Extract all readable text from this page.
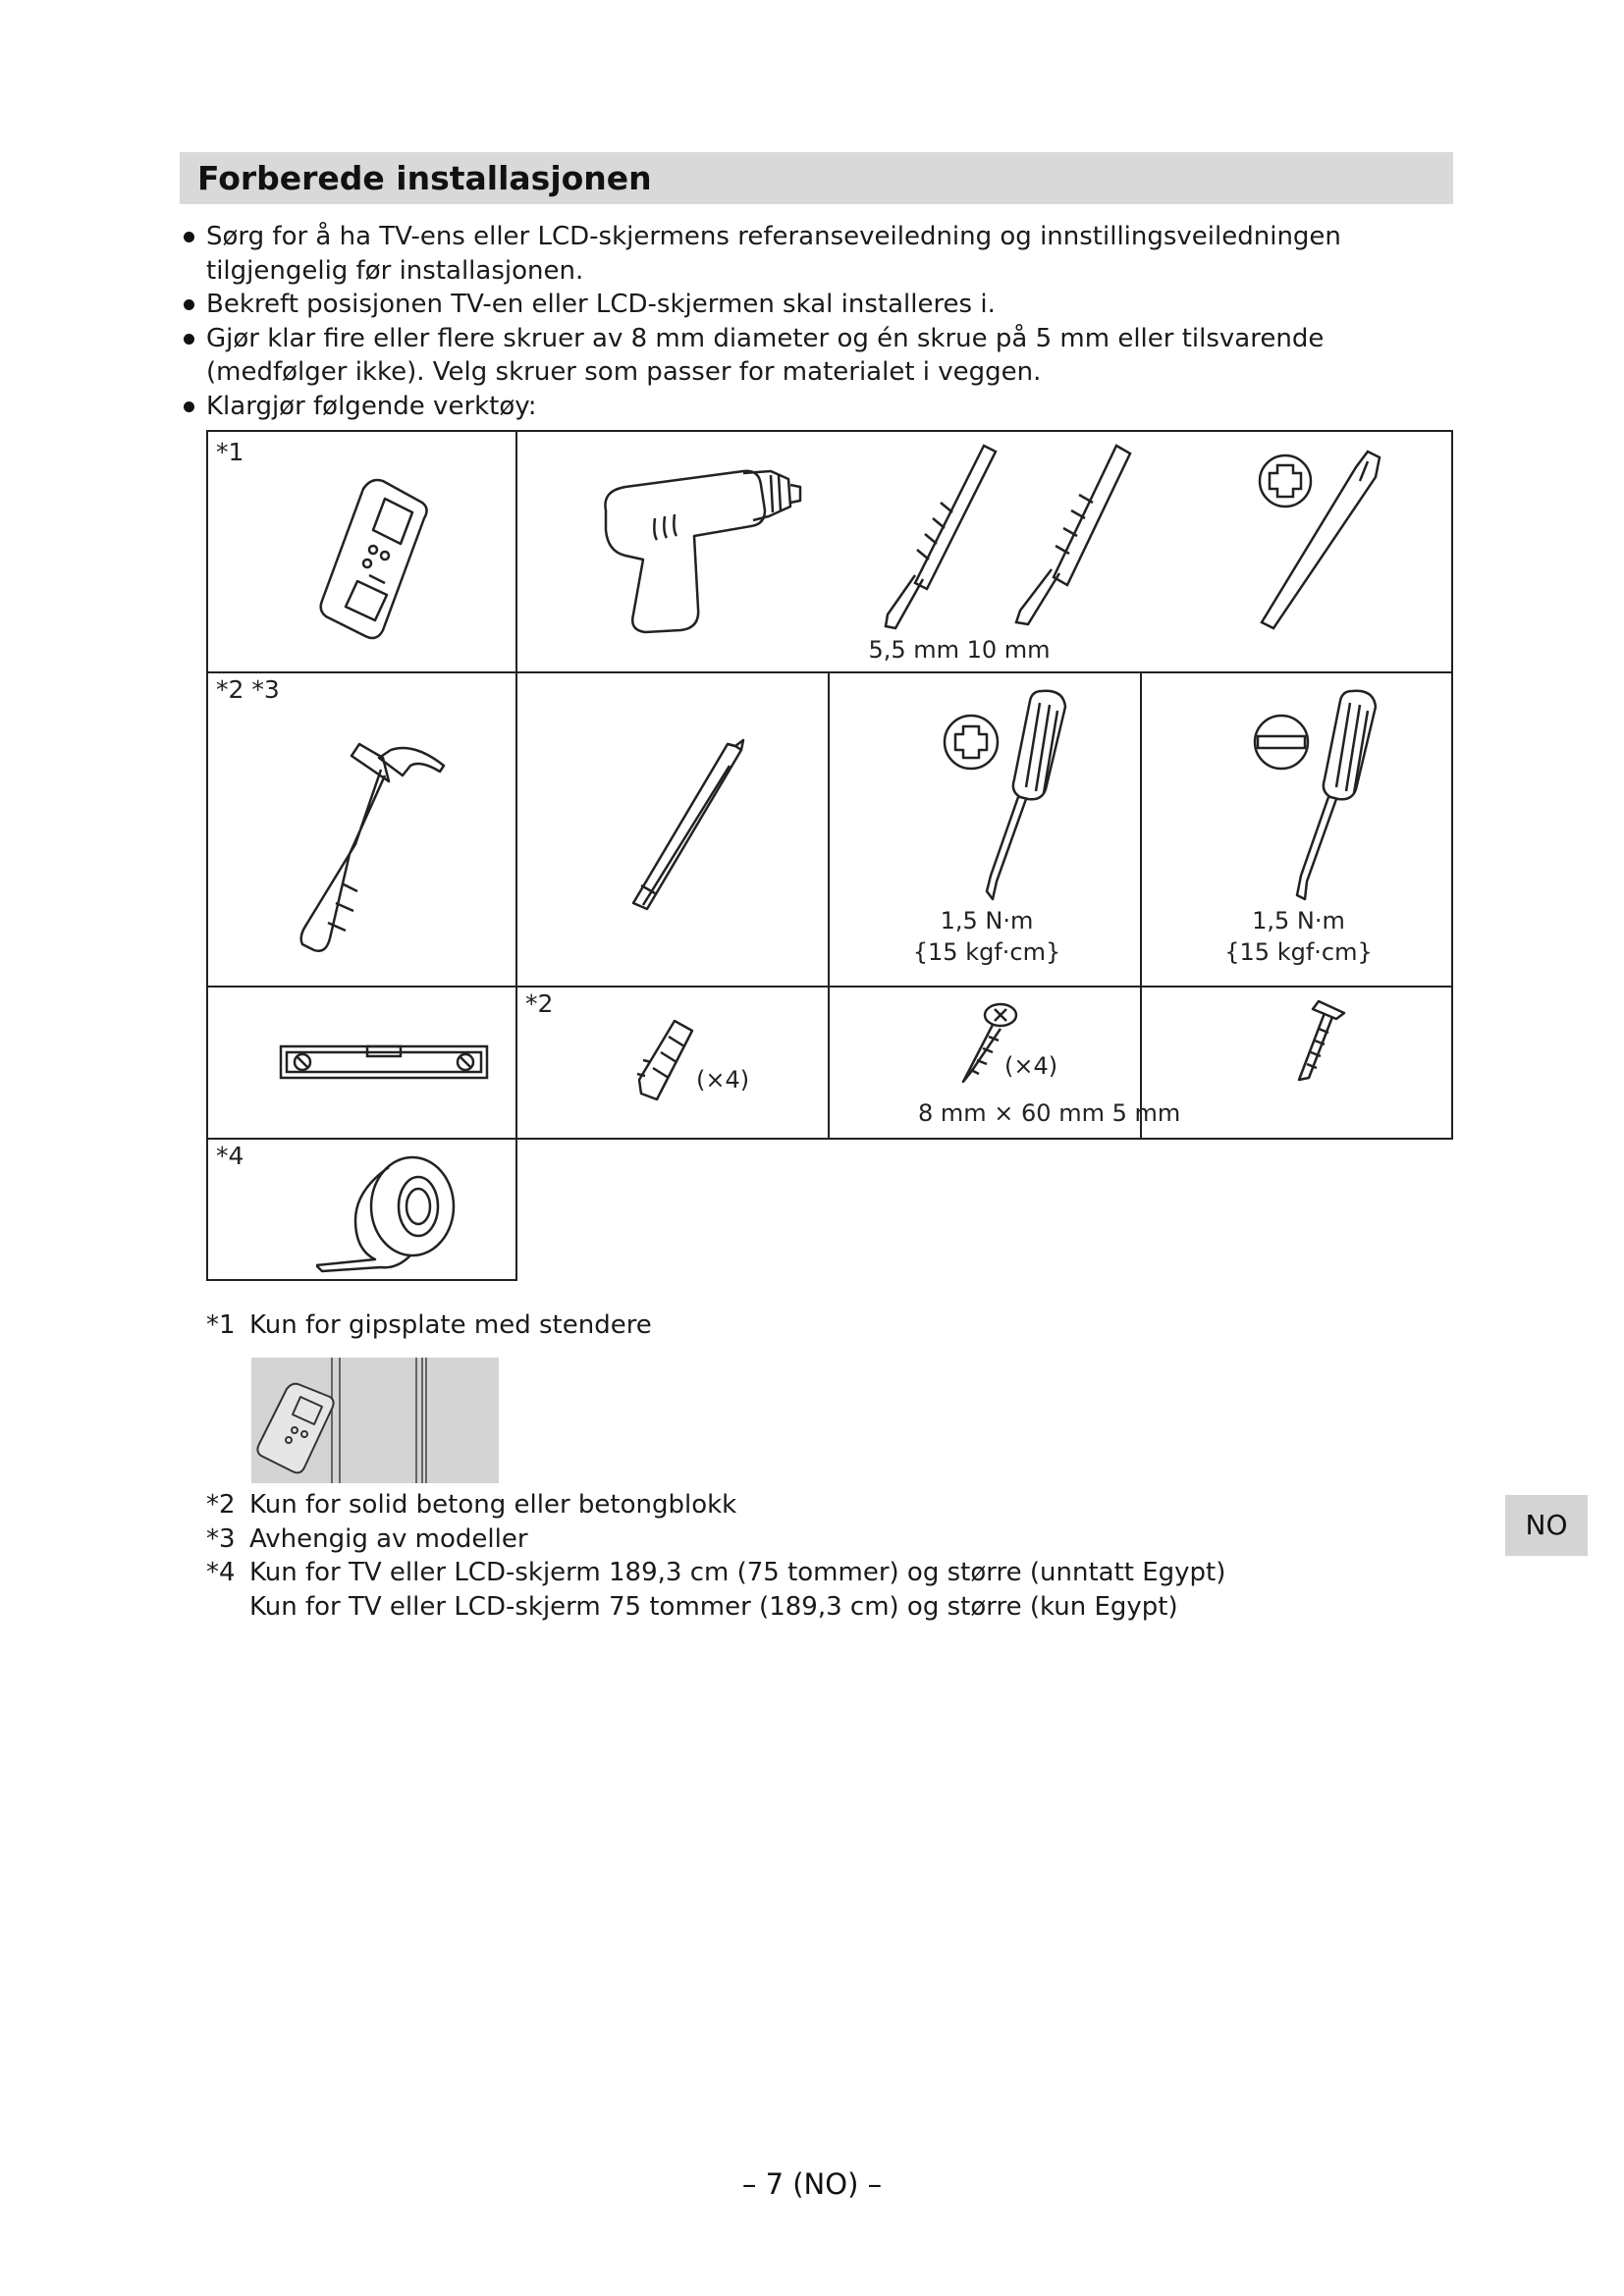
Forberede installasjonen
Sørg for å ha TV-ens eller LCD-skjermens referanseveiledning og innstillingsveiledningen tilgjengelig før installasjonen.
Bekreft posisjonen TV-en eller LCD-skjermen skal installeres i.
Gjør klar fire eller flere skruer av 8 mm diameter og én skrue på 5 mm eller tilsvarende (medfølger ikke). Velg skruer som passer for materialet i veggen.
Klargjør følgende verktøy:
*1
5,5 mm 10 mm
*2 *3
1,5 N·m
{15 kgf·cm}
1,5 N·m
{15 kgf·cm}
*2
(×4)	(×4)
8 mm × 60 mm 5 mm
*4
*1 Kun for gipsplate med stendere
*2 Kun for solid betong eller betongblokk
*3 Avhengig av modeller
*4 Kun for TV eller LCD-skjerm 189,3 cm (75 tommer) og større (unntatt Egypt)
Kun for TV eller LCD-skjerm 75 tommer (189,3 cm) og større (kun Egypt)
NO
– 7 (NO) –
